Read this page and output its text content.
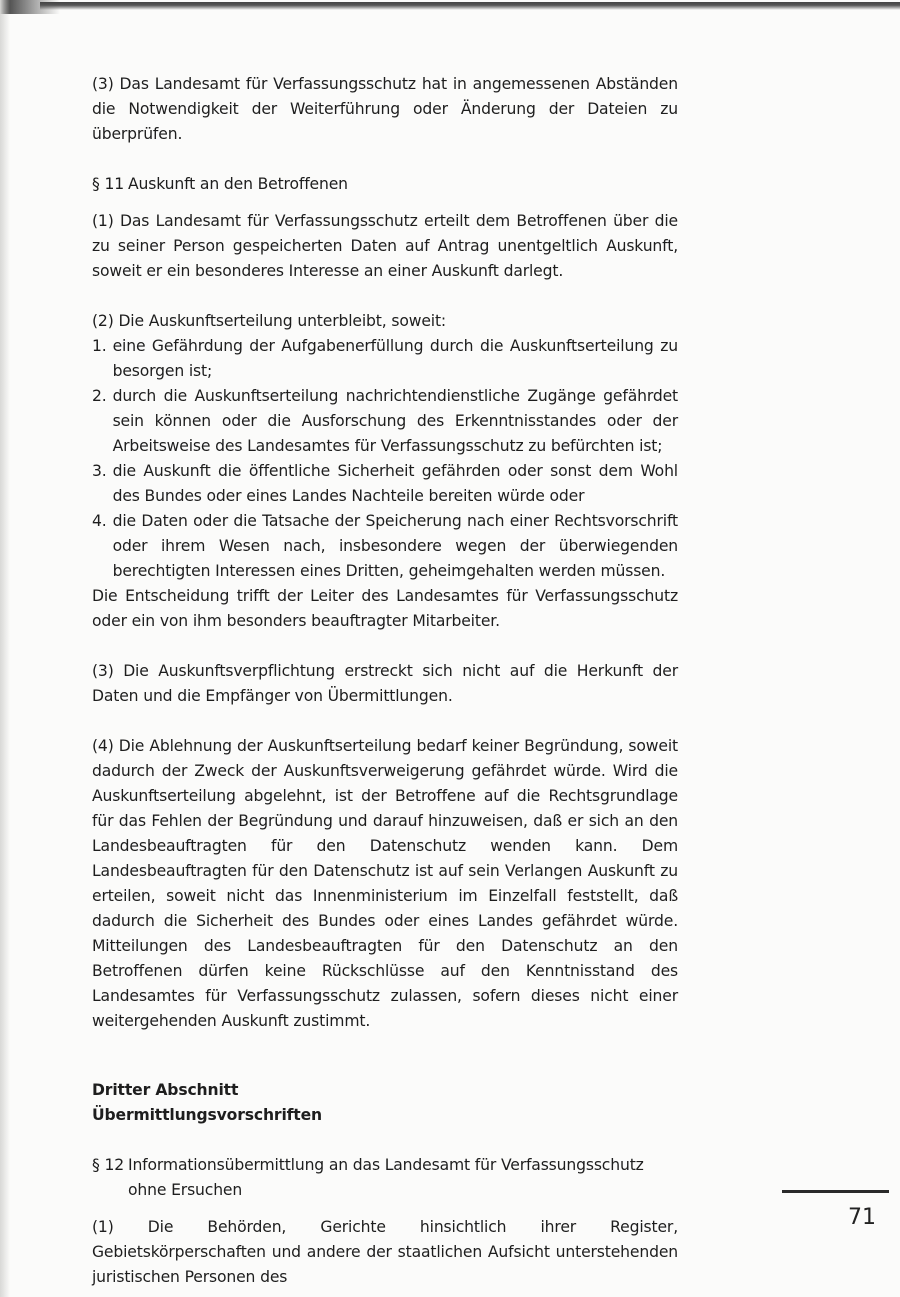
(3) Das Landesamt für Verfassungsschutz hat in angemessenen Abständen die Notwendigkeit der Weiterführung oder Änderung der Dateien zu überprüfen.

§ 11 Auskunft an den Betroffenen

(1) Das Landesamt für Verfassungsschutz erteilt dem Betroffenen über die zu seiner Person gespeicherten Daten auf Antrag unentgeltlich Auskunft, soweit er ein besonderes Interesse an einer Auskunft darlegt.

(2) Die Auskunftserteilung unterbleibt, soweit:

1. eine Gefährdung der Aufgabenerfüllung durch die Auskunftserteilung zu besorgen ist;
2. durch die Auskunftserteilung nachrichtendienstliche Zugänge gefährdet sein können oder die Ausforschung des Erkenntnisstandes oder der Arbeitsweise des Landesamtes für Verfassungsschutz zu befürchten ist;
3. die Auskunft die öffentliche Sicherheit gefährden oder sonst dem Wohl des Bundes oder eines Landes Nachteile bereiten würde oder
4. die Daten oder die Tatsache der Speicherung nach einer Rechtsvorschrift oder ihrem Wesen nach, insbesondere wegen der überwiegenden berechtigten Interessen eines Dritten, geheimgehalten werden müssen.

Die Entscheidung trifft der Leiter des Landesamtes für Verfassungsschutz oder ein von ihm besonders beauftragter Mitarbeiter.

(3) Die Auskunftsverpflichtung erstreckt sich nicht auf die Herkunft der Daten und die Empfänger von Übermittlungen.

(4) Die Ablehnung der Auskunftserteilung bedarf keiner Begründung, soweit dadurch der Zweck der Auskunftsverweigerung gefährdet würde. Wird die Auskunftserteilung abgelehnt, ist der Betroffene auf die Rechtsgrundlage für das Fehlen der Begründung und darauf hinzuweisen, daß er sich an den Landesbeauftragten für den Datenschutz wenden kann. Dem Landesbeauftragten für den Datenschutz ist auf sein Verlangen Auskunft zu erteilen, soweit nicht das Innenministerium im Einzelfall feststellt, daß dadurch die Sicherheit des Bundes oder eines Landes gefährdet würde. Mitteilungen des Landesbeauftragten für den Datenschutz an den Betroffenen dürfen keine Rückschlüsse auf den Kenntnisstand des Landesamtes für Verfassungsschutz zulassen, sofern dieses nicht einer weitergehenden Auskunft zustimmt.

Dritter Abschnitt

Übermittlungsvorschriften

§ 12 Informationsübermittlung an das Landesamt für Verfassungsschutz ohne Ersuchen

(1) Die Behörden, Gerichte hinsichtlich ihrer Register, Gebietskörperschaften und andere der staatlichen Aufsicht unterstehenden juristischen Personen des

71
